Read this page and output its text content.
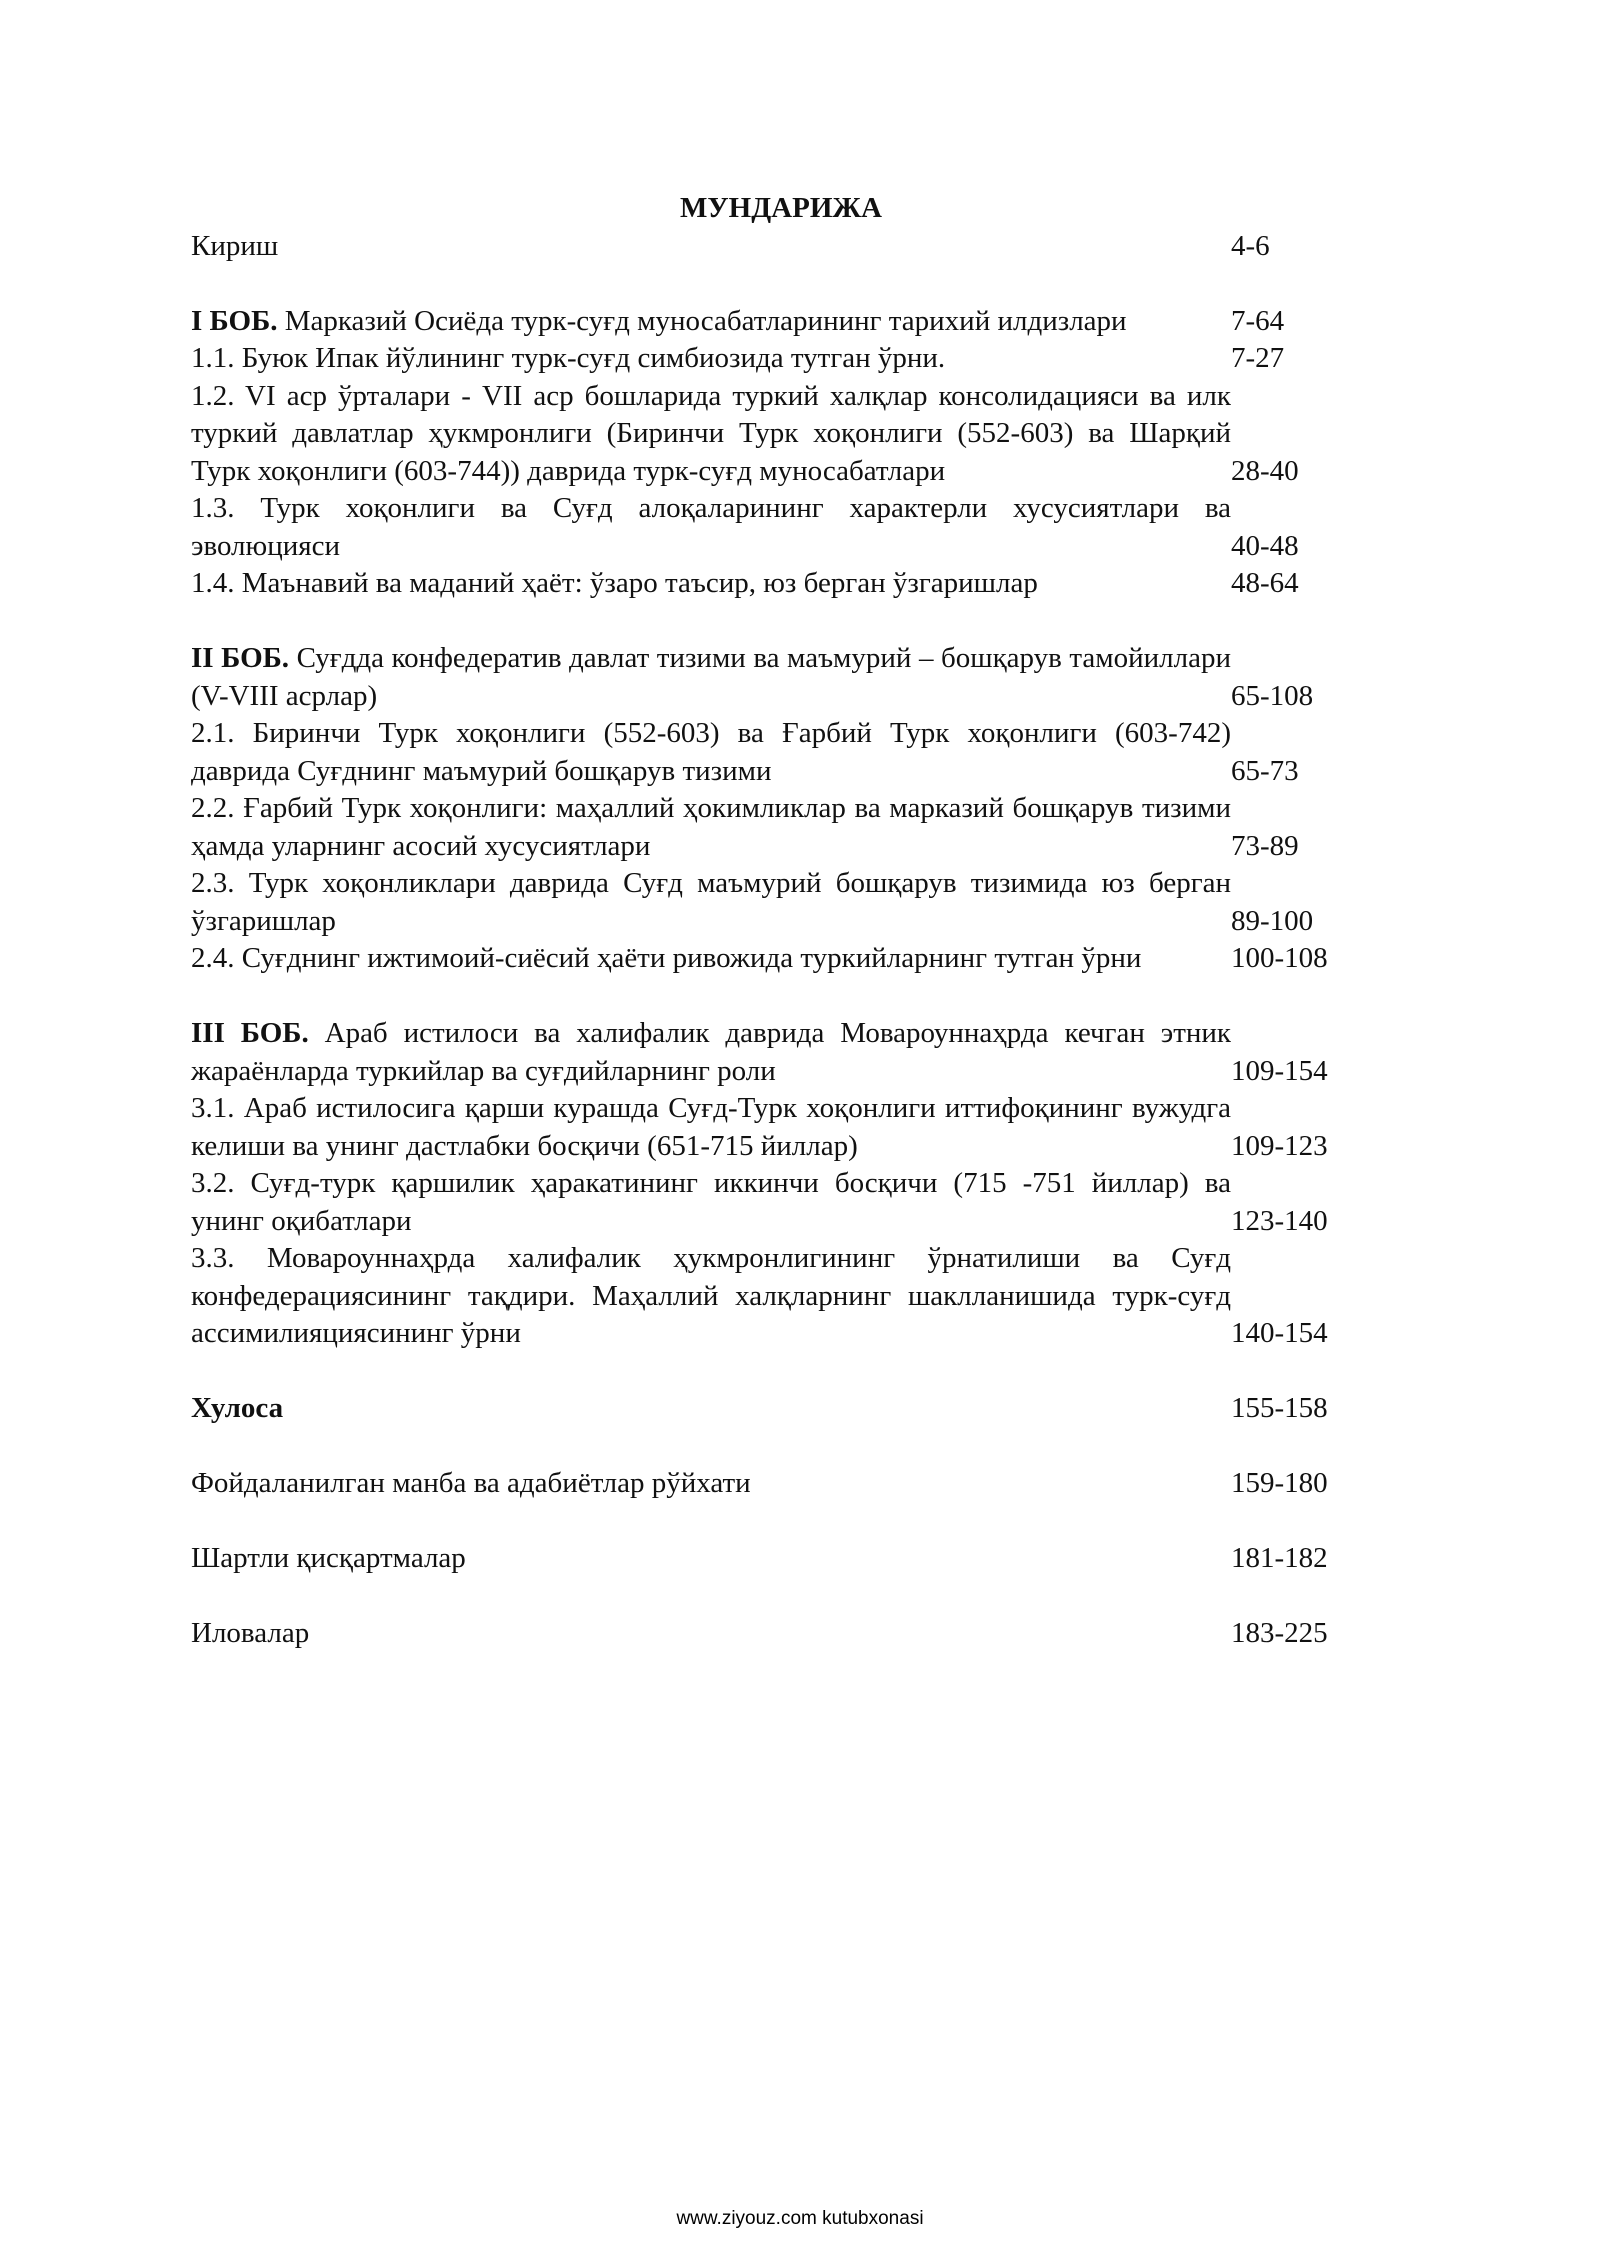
МУНДАРИЖА
Кириш	4-6
I БОБ. Марказий Осиёда турк-суғд муносабатларининг тарихий илдизлари	7-64
1.1. Буюк Ипак йўлининг турк-суғд симбиозида тутган ўрни.	7-27
1.2. VI аср ўрталари - VII аср бошларида туркий халқлар консолидацияси ва илк туркий давлатлар ҳукмронлиги (Биринчи Турк хоқонлиги (552-603) ва Шарқий Турк хоқонлиги (603-744)) даврида турк-суғд муносабатлари	28-40
1.3. Турк хоқонлиги ва Суғд алоқаларининг характерли хусусиятлари ва эволюцияси	40-48
1.4. Маънавий ва маданий ҳаёт: ўзаро таъсир, юз берган ўзгаришлар	48-64
II БОБ. Суғдда конфедератив давлат тизими ва маъмурий – бошқарув тамойиллари (V-VIII асрлар)	65-108
2.1. Биринчи Турк хоқонлиги (552-603) ва Ғарбий Турк хоқонлиги (603-742) даврида Суғднинг маъмурий бошқарув тизими	65-73
2.2. Ғарбий Турк хоқонлиги: маҳаллий ҳокимликлар ва марказий бошқарув тизими ҳамда уларнинг асосий хусусиятлари	73-89
2.3. Турк хоқонликлари даврида Суғд маъмурий бошқарув тизимида юз берган ўзгаришлар	89-100
2.4. Суғднинг ижтимоий-сиёсий ҳаёти ривожида туркийларнинг тутган ўрни	100-108
III БОБ. Араб истилоси ва халифалик даврида Мовароуннаҳрда кечган этник жараёнларда туркийлар ва суғдийларнинг роли	109-154
3.1. Араб истилосига қарши курашда Суғд-Турк хоқонлиги иттифоқининг вужудга келиши ва унинг дастлабки босқичи (651-715 йиллар)	109-123
3.2. Суғд-турк қаршилик ҳаракатининг иккинчи босқичи (715 -751 йиллар) ва унинг оқибатлари	123-140
3.3. Мовароуннаҳрда халифалик ҳукмронлигининг ўрнатилиши ва Суғд конфедерациясининг тақдири. Маҳаллий халқларнинг шаклланишида турк-суғд ассимилияциясининг ўрни	140-154
Хулоса	155-158
Фойдаланилган манба ва адабиётлар рўйхати	159-180
Шартли қисқартмалар	181-182
Иловалар	183-225
www.ziyouz.com kutubxonasi
